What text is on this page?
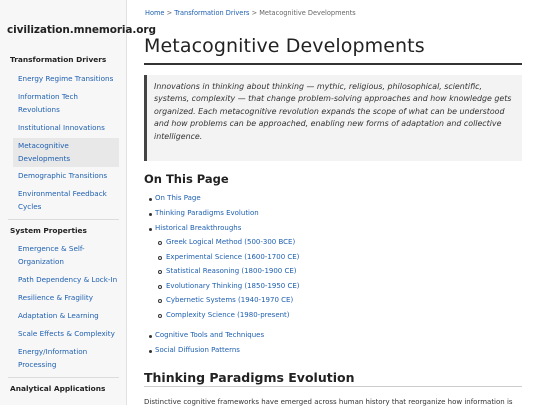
civilization.mnemoria.org
Transformation Drivers
Energy Regime Transitions
Information Tech Revolutions
Institutional Innovations
Metacognitive Developments
Demographic Transitions
Environmental Feedback Cycles
System Properties
Emergence & Self-Organization
Path Dependency & Lock-In
Resilience & Fragility
Adaptation & Learning
Scale Effects & Complexity
Energy/Information Processing
Analytical Applications
Home > Transformation Drivers > Metacognitive Developments
Metacognitive Developments
Innovations in thinking about thinking — mythic, religious, philosophical, scientific, systems, complexity — that change problem-solving approaches and how knowledge gets organized. Each metacognitive revolution expands the scope of what can be understood and how problems can be approached, enabling new forms of adaptation and collective intelligence.
On This Page
On This Page
Thinking Paradigms Evolution
Historical Breakthroughs
Greek Logical Method (500-300 BCE)
Experimental Science (1600-1700 CE)
Statistical Reasoning (1800-1900 CE)
Evolutionary Thinking (1850-1950 CE)
Cybernetic Systems (1940-1970 CE)
Complexity Science (1980-present)
Cognitive Tools and Techniques
Social Diffusion Patterns
Thinking Paradigms Evolution

Distinctive cognitive frameworks have emerged across human history that reorganize how information is
